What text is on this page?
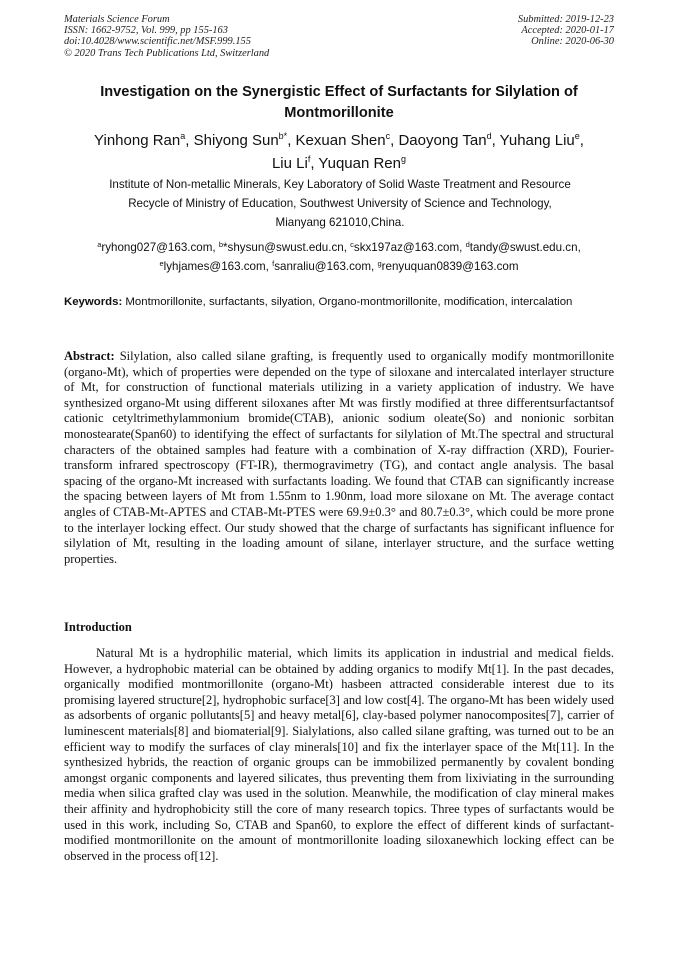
Materials Science Forum
ISSN: 1662-9752, Vol. 999, pp 155-163
doi:10.4028/www.scientific.net/MSF.999.155
© 2020 Trans Tech Publications Ltd, Switzerland
Submitted: 2019-12-23
Accepted: 2020-01-17
Online: 2020-06-30
Investigation on the Synergistic Effect of Surfactants for Silylation of Montmorillonite
Yinhong Ran$^a$, Shiyong Sun$^{b*}$, Kexuan Shen$^c$, Daoyong Tan$^d$, Yuhang Liu$^e$,
Liu Li$^f$, Yuquan Ren$^g$
Institute of Non-metallic Minerals, Key Laboratory of Solid Waste Treatment and Resource
Recycle of Ministry of Education, Southwest University of Science and Technology,
Mianyang 621010,China.
$^a$ryhong027@163.com, $^b$*shysun@swust.edu.cn, $^c$skx197az@163.com, $^d$tandy@swust.edu.cn,
$^e$lyhjames@163.com, $^f$sanraliu@163.com, $^g$renyuquan0839@163.com
Keywords: Montmorillonite, surfactants, silyation, Organo-montmorillonite, modification, intercalation
Abstract: Silylation, also called silane grafting, is frequently used to organically modify montmorillonite (organo-Mt), which of properties were depended on the type of siloxane and intercalated interlayer structure of Mt, for construction of functional materials utilizing in a variety application of industry. We have synthesized organo-Mt using different siloxanes after Mt was firstly modified at three differentsurfactantsof cationic cetyltrimethylammonium bromide(CTAB), anionic sodium oleate(So) and nonionic sorbitan monostearate(Span60) to identifying the effect of surfactants for silylation of Mt.The spectral and structural characters of the obtained samples had feature with a combination of X-ray diffraction (XRD), Fourier-transform infrared spectroscopy (FT-IR), thermogravimetry (TG), and contact angle analysis. The basal spacing of the organo-Mt increased with surfactants loading. We found that CTAB can significantly increase the spacing between layers of Mt from 1.55nm to 1.90nm, load more siloxane on Mt. The average contact angles of CTAB-Mt-APTES and CTAB-Mt-PTES were 69.9±0.3° and 80.7±0.3°, which could be more prone to the interlayer locking effect. Our study showed that the charge of surfactants has significant influence for silylation of Mt, resulting in the loading amount of silane, interlayer structure, and the surface wetting properties.
Introduction

Natural Mt is a hydrophilic material, which limits its application in industrial and medical fields. However, a hydrophobic material can be obtained by adding organics to modify Mt[1]. In the past decades, organically modified montmorillonite (organo-Mt) hasbeen attracted considerable interest due to its promising layered structure[2], hydrophobic surface[3] and low cost[4]. The organo-Mt has been widely used as adsorbents of organic pollutants[5] and heavy metal[6], clay-based polymer nanocomposites[7], carrier of luminescent materials[8] and biomaterial[9]. Sialylations, also called silane grafting, was turned out to be an efficient way to modify the surfaces of clay minerals[10] and fix the interlayer space of the Mt[11]. In the synthesized hybrids, the reaction of organic groups can be immobilized permanently by covalent bonding amongst organic components and layered silicates, thus preventing them from lixiviating in the surrounding media when silica grafted clay was used in the solution. Meanwhile, the modification of clay mineral makes their affinity and hydrophobicity still the core of many research topics. Three types of surfactants would be used in this work, including So, CTAB and Span60, to explore the effect of different kinds of surfactant-modified montmorillonite on the amount of montmorillonite loading siloxanewhich locking effect can be observed in the process of[12].
